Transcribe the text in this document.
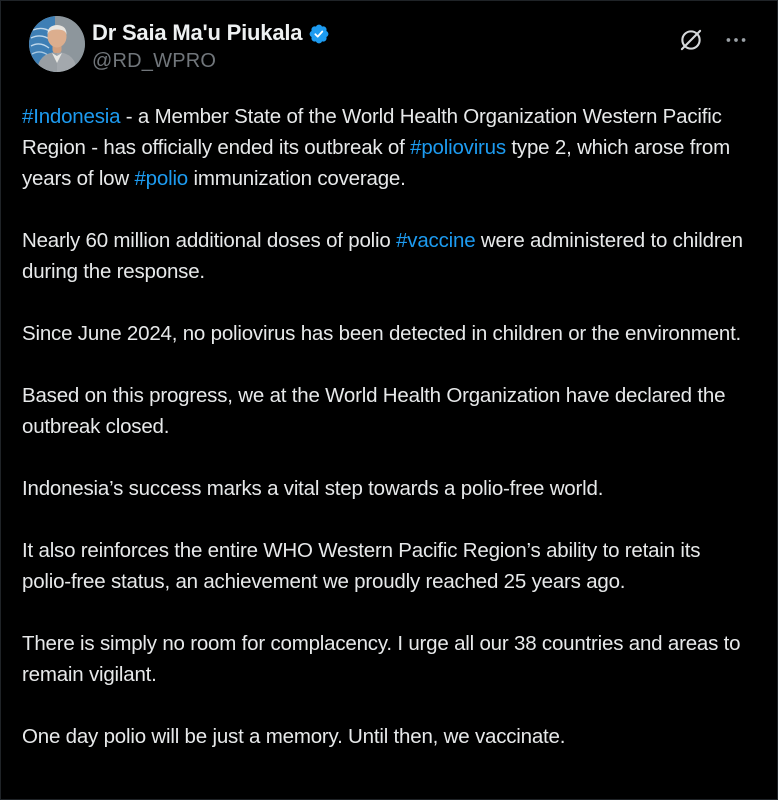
Dr Saia Ma'u Piukala
@RD_WPRO

#Indonesia - a Member State of the World Health Organization Western Pacific Region - has officially ended its outbreak of #poliovirus type 2, which arose from years of low #polio immunization coverage.

Nearly 60 million additional doses of polio #vaccine were administered to children during the response.

Since June 2024, no poliovirus has been detected in children or the environment.

Based on this progress, we at the World Health Organization have declared the outbreak closed.

Indonesia’s success marks a vital step towards a polio-free world.

It also reinforces the entire WHO Western Pacific Region’s ability to retain its polio-free status, an achievement we proudly reached 25 years ago.

There is simply no room for complacency. I urge all our 38 countries and areas to remain vigilant.

One day polio will be just a memory. Until then, we vaccinate.
